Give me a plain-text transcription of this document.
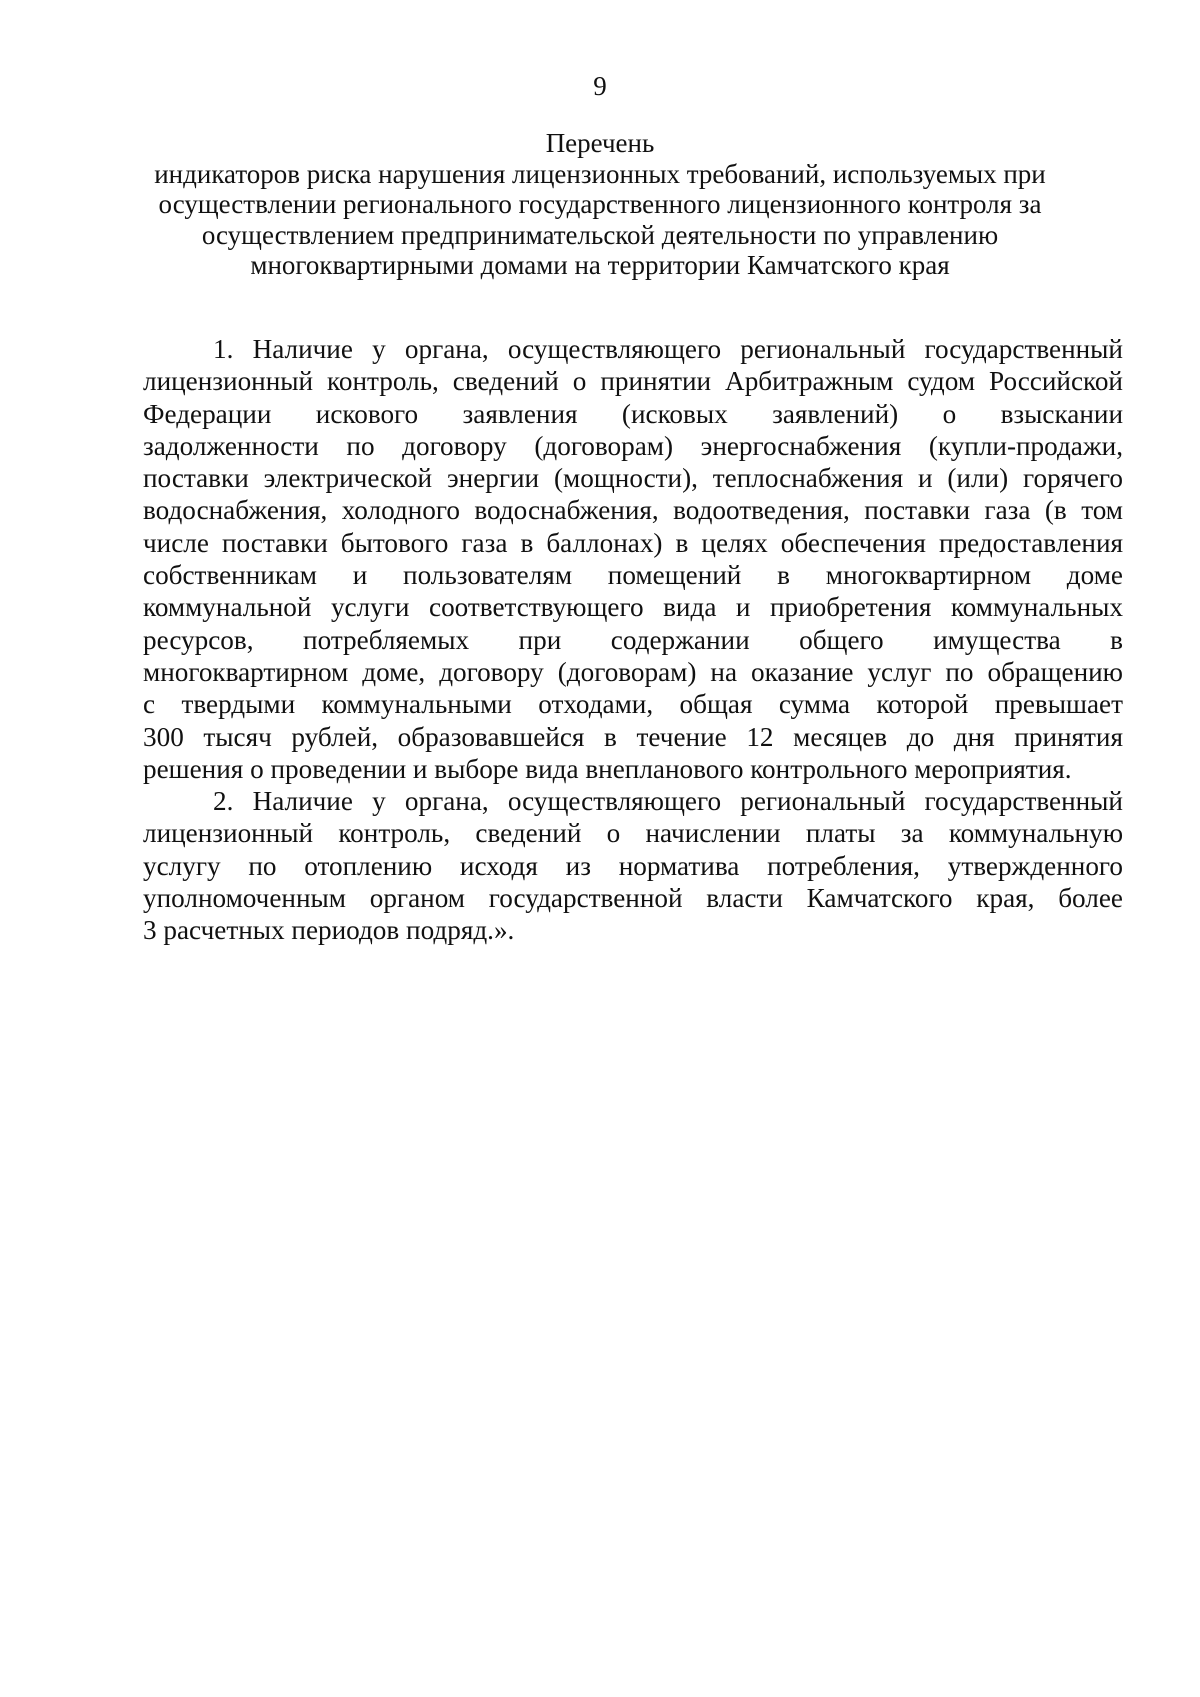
9
Перечень
индикаторов риска нарушения лицензионных требований, используемых при
осуществлении регионального государственного лицензионного контроля за
осуществлением предпринимательской деятельности по управлению
многоквартирными домами на территории Камчатского края
1. Наличие у органа, осуществляющего региональный государственный
лицензионный контроль, сведений о принятии Арбитражным судом Российской
Федерации искового заявления (исковых заявлений) о взыскании
задолженности по договору (договорам) энергоснабжения (купли-продажи,
поставки электрической энергии (мощности), теплоснабжения и (или) горячего
водоснабжения, холодного водоснабжения, водоотведения, поставки газа (в том
числе поставки бытового газа в баллонах) в целях обеспечения предоставления
собственникам и пользователям помещений в многоквартирном доме
коммунальной услуги соответствующего вида и приобретения коммунальных
ресурсов, потребляемых при содержании общего имущества в
многоквартирном доме, договору (договорам) на оказание услуг по обращению
с твердыми коммунальными отходами, общая сумма которой превышает
300 тысяч рублей, образовавшейся в течение 12 месяцев до дня принятия
решения о проведении и выборе вида внепланового контрольного мероприятия.
2. Наличие у органа, осуществляющего региональный государственный
лицензионный контроль, сведений о начислении платы за коммунальную
услугу по отоплению исходя из норматива потребления, утвержденного
уполномоченным органом государственной власти Камчатского края, более
3 расчетных периодов подряд.».
